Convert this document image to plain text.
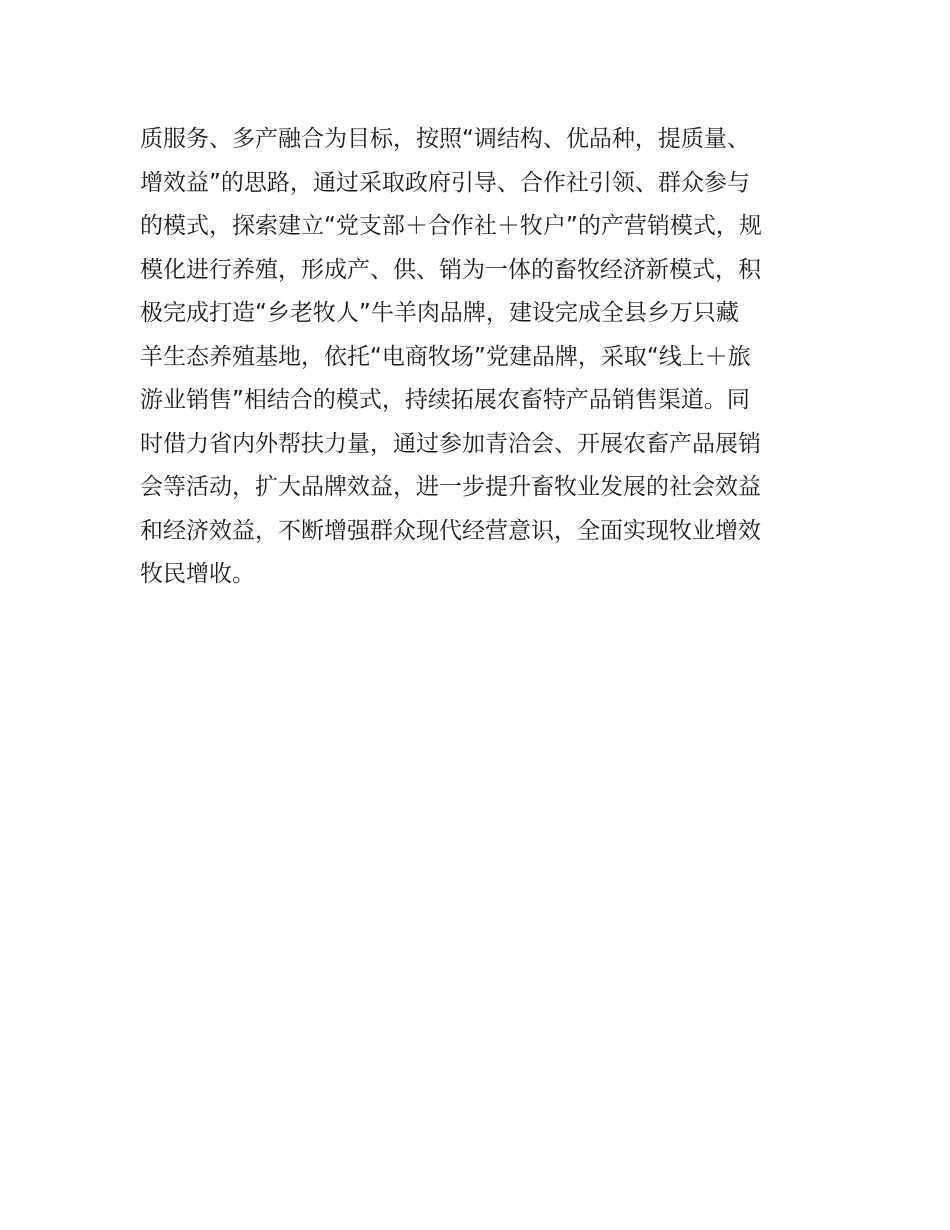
质服务、多产融合为目标，按照“调结构、优品种，提质量、
增效益”的思路，通过采取政府引导、合作社引领、群众参与
的模式，探索建立“党支部＋合作社＋牧户”的产营销模式，规
模化进行养殖，形成产、供、销为一体的畜牧经济新模式，积
极完成打造“乡老牧人”牛羊肉品牌，建设完成全县乡万只藏
羊生态养殖基地，依托“电商牧场”党建品牌，采取“线上＋旅
游业销售”相结合的模式，持续拓展农畜特产品销售渠道。同
时借力省内外帮扶力量，通过参加青洽会、开展农畜产品展销
会等活动，扩大品牌效益，进一步提升畜牧业发展的社会效益
和经济效益，不断增强群众现代经营意识，全面实现牧业增效
牧民增收。
